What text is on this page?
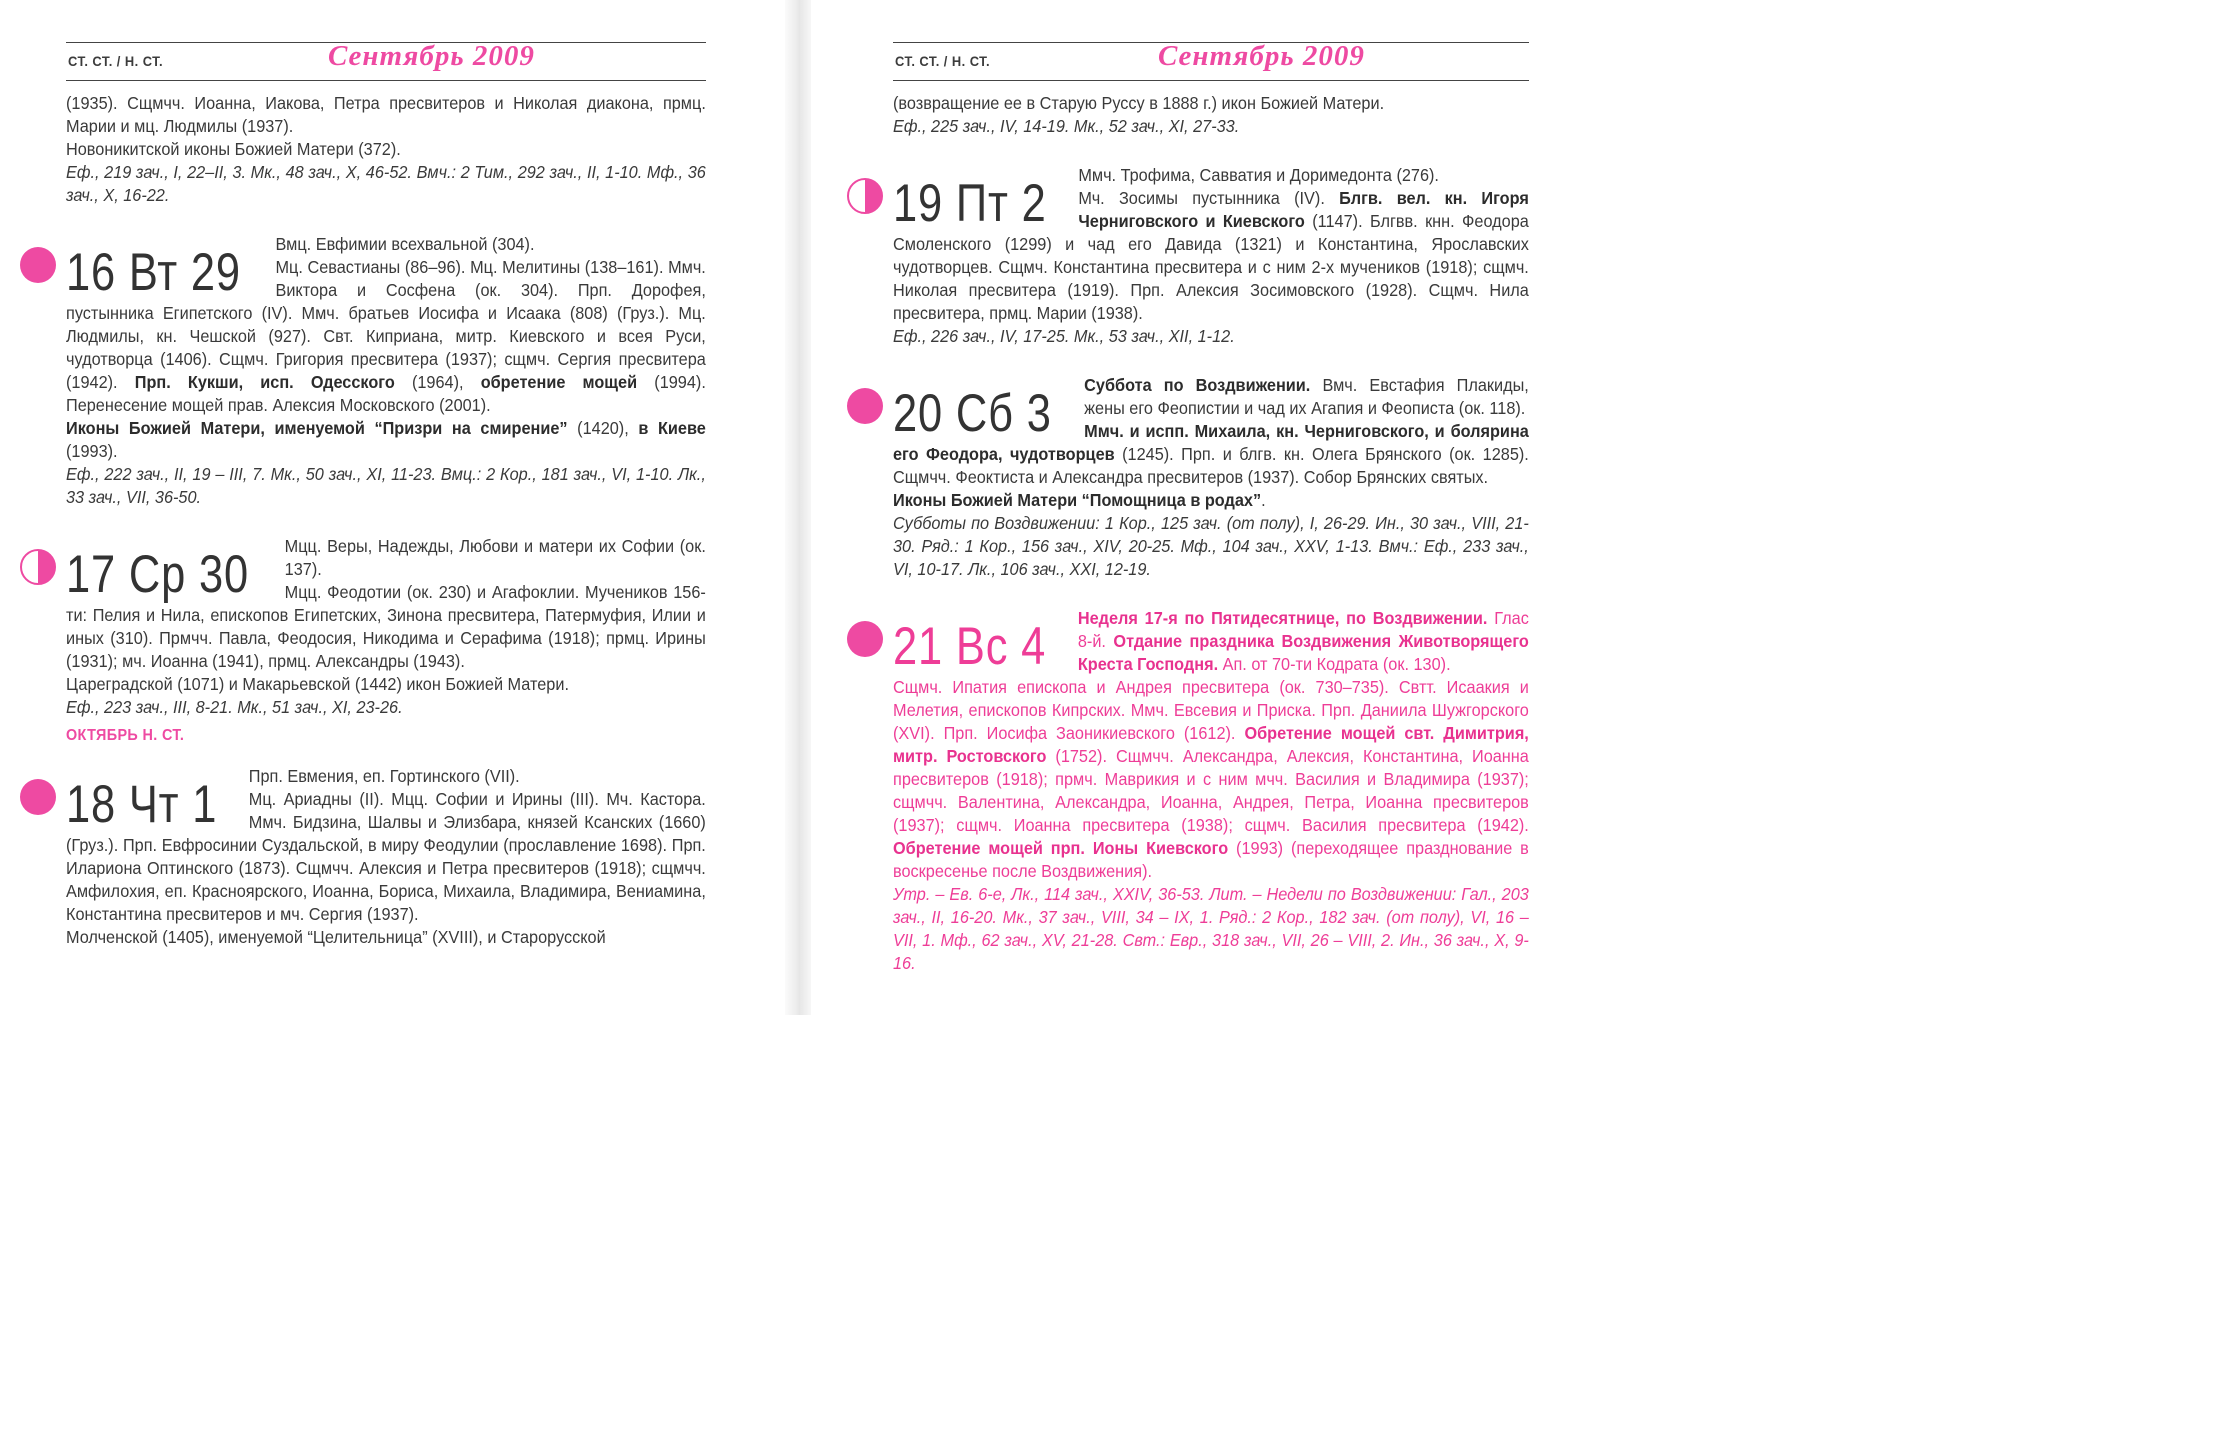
СТ. СТ. / Н. СТ.	Сентябрь 2009

(1935). Сщмчч. Иоанна, Иакова, Петра пресвитеров и Николая диакона, прмц. Марии и мц. Людмилы (1937).
Новоникитской иконы Божией Матери (372).
Еф., 219 зач., I, 22–II, 3. Мк., 48 зач., X, 46-52. Вмч.: 2 Тим., 292 зач., II, 1-10. Мф., 36 зач., X, 16-22.

16 Вт 29	Вмц. Евфимии всехвальной (304).
Мц. Севастианы (86–96). Мц. Мелитины (138–161). Ммч. Виктора и Сосфена (ок. 304). Прп. Дорофея, пустынника Египетского (IV). Ммч. братьев Иосифа и Исаака (808) (Груз.). Мц. Людмилы, кн. Чешской (927). Свт. Киприана, митр. Киевского и всея Руси, чудотворца (1406). Сщмч. Григория пресвитера (1937); сщмч. Сергия пресвитера (1942). Прп. Кукши, исп. Одесского (1964), обретение мощей (1994). Перенесение мощей прав. Алексия Московского (2001).
Иконы Божией Матери, именуемой “Призри на смирение” (1420), в Киеве (1993).
Еф., 222 зач., II, 19 – III, 7. Мк., 50 зач., XI, 11-23. Вмц.: 2 Кор., 181 зач., VI, 1-10. Лк., 33 зач., VII, 36-50.

17 Ср 30	Мцц. Веры, Надежды, Любови и матери их Софии (ок. 137).
Мцц. Феодотии (ок. 230) и Агафоклии. Мучеников 156-ти: Пелия и Нила, епископов Египетских, Зинона пресвитера, Патермуфия, Илии и иных (310). Прмчч. Павла, Феодосия, Никодима и Серафима (1918); прмц. Ирины (1931); мч. Иоанна (1941), прмц. Александры (1943).
Цареградской (1071) и Макарьевской (1442) икон Божией Матери.
Еф., 223 зач., III, 8-21. Мк., 51 зач., XI, 23-26.

ОКТЯБРЬ Н. СТ.
18 Чт 1	Прп. Евмения, еп. Гортинского (VII).
Мц. Ариадны (II). Мцц. Софии и Ирины (III). Мч. Кастора. Ммч. Бидзина, Шалвы и Элизбара, князей Ксанских (1660) (Груз.). Прп. Евфросинии Суздальской, в миру Феодулии (прославление 1698). Прп. Илариона Оптинского (1873). Сщмчч. Алексия и Петра пресвитеров (1918); сщмчч. Амфилохия, еп. Красноярского, Иоанна, Бориса, Михаила, Владимира, Вениамина, Константина пресвитеров и мч. Сергия (1937).
Молченской (1405), именуемой “Целительница” (XVIII), и Старорусской

СТ. СТ. / Н. СТ.	Сентябрь 2009

(возвращение ее в Старую Руссу в 1888 г.) икон Божией Матери.
Еф., 225 зач., IV, 14-19. Мк., 52 зач., XI, 27-33.

19 Пт 2	Ммч. Трофима, Савватия и Доримедонта (276).
Мч. Зосимы пустынника (IV). Блгв. вел. кн. Игоря Черниговского и Киевского (1147). Блгвв. кнн. Феодора Смоленского (1299) и чад его Давида (1321) и Константина, Ярославских чудотворцев. Сщмч. Константина пресвитера и с ним 2-х мучеников (1918); сщмч. Николая пресвитера (1919). Прп. Алексия Зосимовского (1928). Сщмч. Нила пресвитера, прмц. Марии (1938).
Еф., 226 зач., IV, 17-25. Мк., 53 зач., XII, 1-12.

20 Сб 3	Суббота по Воздвижении. Вмч. Евстафия Плакиды, жены его Феопистии и чад их Агапия и Феописта (ок. 118).
Ммч. и испп. Михаила, кн. Черниговского, и болярина его Феодора, чудотворцев (1245). Прп. и блгв. кн. Олега Брянского (ок. 1285). Сщмчч. Феоктиста и Александра пресвитеров (1937). Собор Брянских святых.
Иконы Божией Матери “Помощница в родах”.
Субботы по Воздвижении: 1 Кор., 125 зач. (от полу), I, 26-29. Ин., 30 зач., VIII, 21-30. Ряд.: 1 Кор., 156 зач., XIV, 20-25. Мф., 104 зач., XXV, 1-13. Вмч.: Еф., 233 зач., VI, 10-17. Лк., 106 зач., XXI, 12-19.

21 Вс 4	Неделя 17-я по Пятидесятнице, по Воздвижении. Глас 8-й. Отдание праздника Воздвижения Животворящего Креста Господня. Ап. от 70-ти Кодрата (ок. 130).
Сщмч. Ипатия епископа и Андрея пресвитера (ок. 730–735). Свтт. Исаакия и Мелетия, епископов Кипрских. Ммч. Евсевия и Приска. Прп. Даниила Шужгорского (XVI). Прп. Иосифа Заоникиевского (1612). Обретение мощей свт. Димитрия, митр. Ростовского (1752). Сщмчч. Александра, Алексия, Константина, Иоанна пресвитеров (1918); прмч. Маврикия и с ним мчч. Василия и Владимира (1937); сщмчч. Валентина, Александра, Иоанна, Андрея, Петра, Иоанна пресвитеров (1937); сщмч. Иоанна пресвитера (1938); сщмч. Василия пресвитера (1942). Обретение мощей прп. Ионы Киевского (1993) (переходящее празднование в воскресенье после Воздвижения).
Утр. – Ев. 6-е, Лк., 114 зач., XXIV, 36-53. Лит. – Недели по Воздвижении: Гал., 203 зач., II, 16-20. Мк., 37 зач., VIII, 34 – IX, 1. Ряд.: 2 Кор., 182 зач. (от полу), VI, 16 – VII, 1. Мф., 62 зач., XV, 21-28. Свт.: Евр., 318 зач., VII, 26 – VIII, 2. Ин., 36 зач., X, 9-16.
